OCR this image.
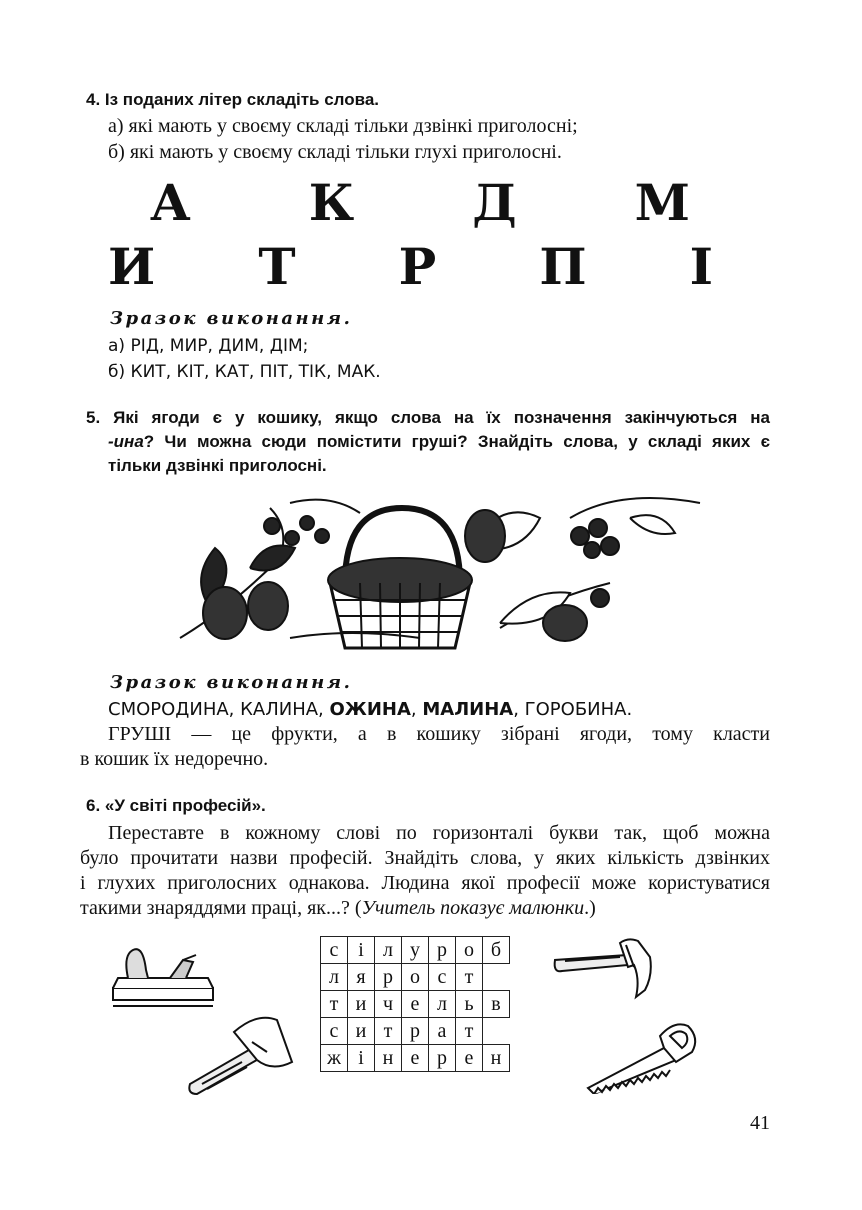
4. Із поданих літер складіть слова.
а) які мають у своєму складі тільки дзвінкі приголосні;
б) які мають у своєму складі тільки глухі приголосні.
А К Д М
И Т Р П І
Зразок виконання.
а) РІД, МИР, ДИМ, ДІМ;
б) КИТ, КІТ, КАТ, ПІТ, ТІК, МАК.
5. Які ягоди є у кошику, якщо слова на їх позначення закінчуються на
-ина? Чи можна сюди помістити груші? Знайдіть слова, у складі яких є
тільки дзвінкі приголосні.
Зразок виконання.
СМОРОДИНА, КАЛИНА, ОЖИНА, МАЛИНА, ГОРОБИНА.
ГРУШІ — це фрукти, а в кошику зібрані ягоди, тому класти
в кошик їх недоречно.
6. «У світі професій».
Переставте в кожному слові по горизонталі букви так, щоб можна
було прочитати назви професій. Знайдіть слова, у яких кількість дзвінких
і глухих приголосних однакова. Людина якої професії може користуватися
такими знаряддями праці, як...? (Учитель показує малюнки.)
с	і	л	у	р	о	б
л	я	р	о	с	т	
т	и	ч	е	л	ь	в
с	и	т	р	а	т	
ж	і	н	е	р	е	н
41
